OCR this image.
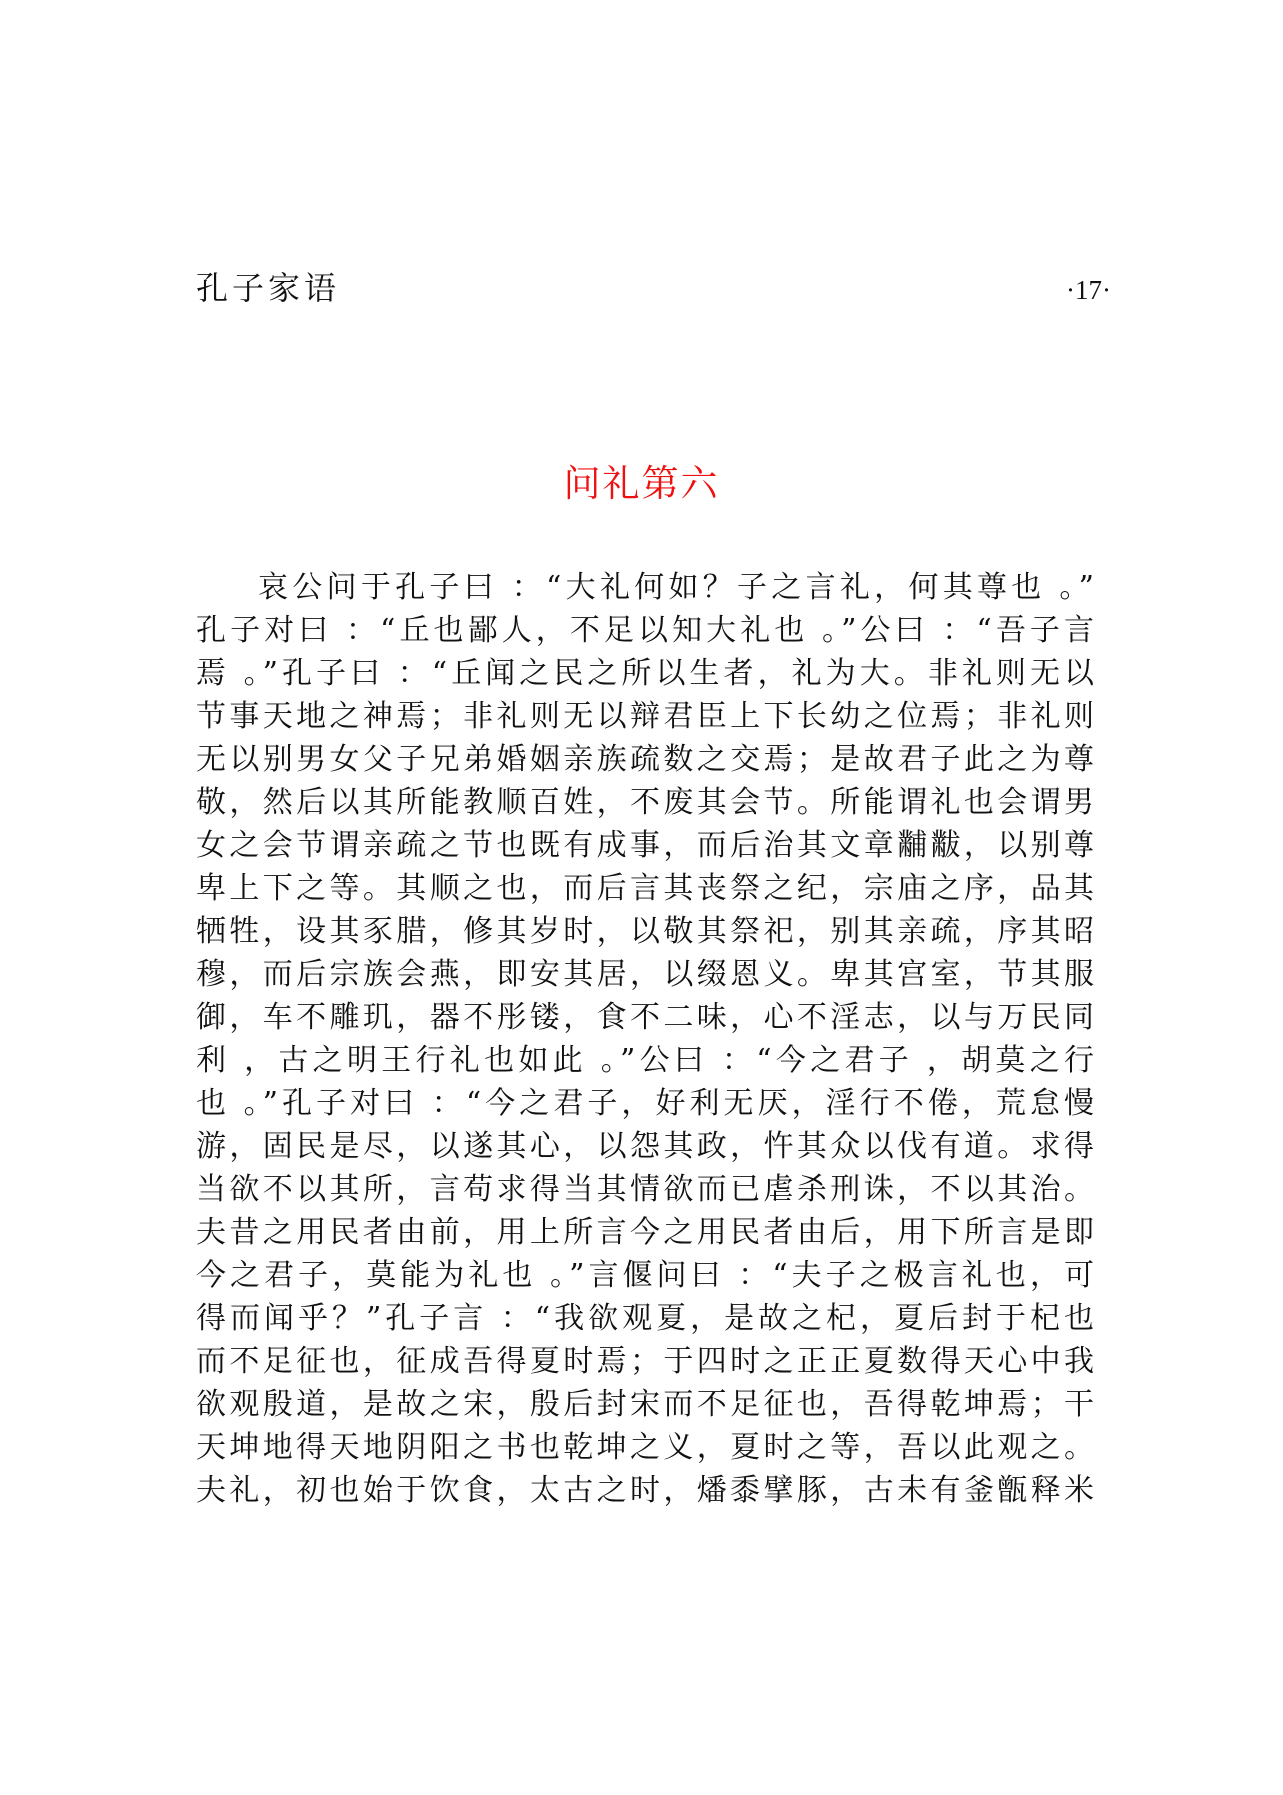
孔子家语	·17·
问礼第六
哀公问于孔子曰 ：“大礼何如？子之言礼，何其尊也 。”
孔子对曰 ：“丘也鄙人，不足以知大礼也 。”公曰 ：“吾子言
焉 。”孔子曰 ：“丘闻之民之所以生者，礼为大。非礼则无以
节事天地之神焉；非礼则无以辩君臣上下长幼之位焉；非礼则
无以别男女父子兄弟婚姻亲族疏数之交焉；是故君子此之为尊
敬，然后以其所能教顺百姓，不废其会节。所能谓礼也会谓男
女之会节谓亲疏之节也既有成事，而后治其文章黼黻，以别尊
卑上下之等。其顺之也，而后言其丧祭之纪，宗庙之序，品其
牺牲，设其豕腊，修其岁时，以敬其祭祀，别其亲疏，序其昭
穆，而后宗族会燕，即安其居，以缀恩义。卑其宫室，节其服
御，车不雕玑，器不彤镂，食不二味，心不淫志，以与万民同
利 ，古之明王行礼也如此 。”公曰 ：“今之君子 ，胡莫之行
也 。”孔子对曰 ：“今之君子，好利无厌，淫行不倦，荒怠慢
游，固民是尽，以遂其心，以怨其政，忤其众以伐有道。求得
当欲不以其所，言苟求得当其情欲而已虐杀刑诛，不以其治。
夫昔之用民者由前，用上所言今之用民者由后，用下所言是即
今之君子，莫能为礼也 。”言偃问曰 ：“夫子之极言礼也，可
得而闻乎？”孔子言 ：“我欲观夏，是故之杞，夏后封于杞也
而不足征也，征成吾得夏时焉；于四时之正正夏数得天心中我
欲观殷道，是故之宋，殷后封宋而不足征也，吾得乾坤焉；干
天坤地得天地阴阳之书也乾坤之义，夏时之等，吾以此观之。
夫礼，初也始于饮食，太古之时，燔黍擘豚，古未有釜甑释米
